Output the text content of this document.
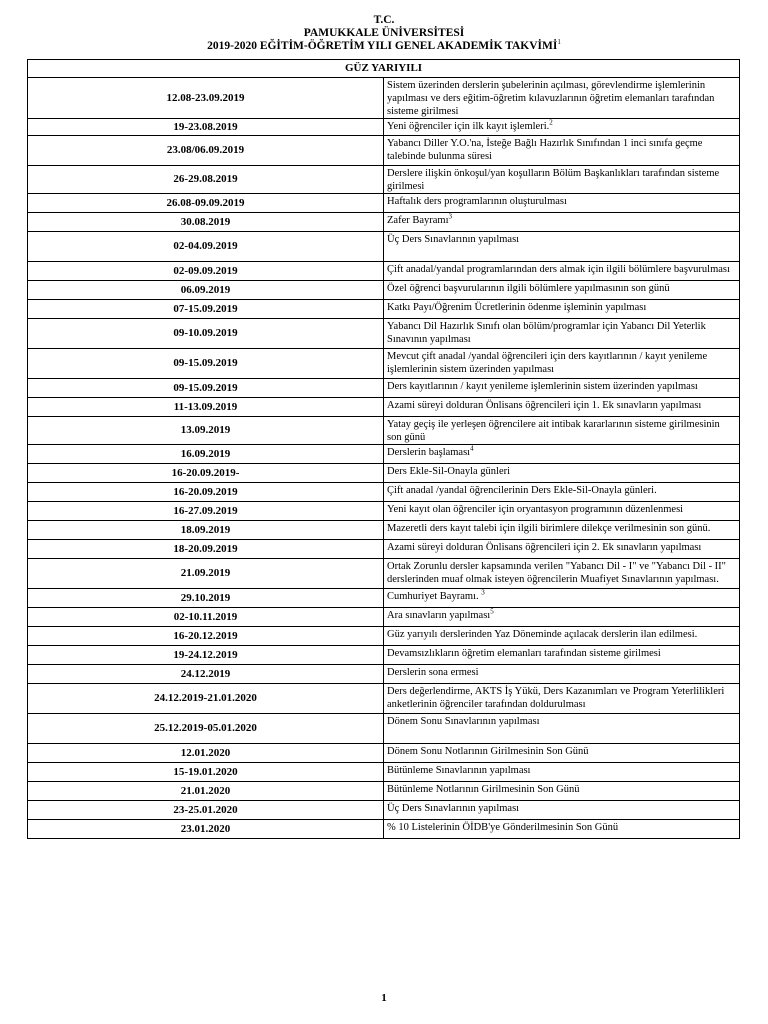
T.C.
PAMUKKALE ÜNİVERSİTESİ
2019-2020 EĞİTİM-ÖĞRETİM YILI GENEL AKADEMİK TAKVİMİ$^1$
GÜZ YARIYILI	
12.08-23.09.2019	Sistem üzerinden derslerin şubelerinin açılması, görevlendirme işlemlerinin yapılması ve ders eğitim-öğretim kılavuzlarının öğretim elemanları tarafından sisteme girilmesi
19-23.08.2019	Yeni öğrenciler için ilk kayıt işlemleri.$^2$
23.08/06.09.2019	Yabancı Diller Y.O.'na, İsteğe Bağlı Hazırlık Sınıfından 1 inci sınıfa geçme talebinde bulunma süresi
26-29.08.2019	Derslere ilişkin önkoşul/yan koşulların Bölüm Başkanlıkları tarafından sisteme girilmesi
26.08-09.09.2019	Haftalık ders programlarının oluşturulması
30.08.2019	Zafer Bayramı$^3$
02-04.09.2019	Üç Ders Sınavlarının yapılması
02-09.09.2019	Çift anadal/yandal programlarından ders almak için ilgili bölümlere başvurulması
06.09.2019	Özel öğrenci başvurularının ilgili bölümlere yapılmasının son günü
07-15.09.2019	Katkı Payı/Öğrenim Ücretlerinin ödenme işleminin yapılması
09-10.09.2019	Yabancı Dil Hazırlık Sınıfı olan bölüm/programlar için Yabancı Dil Yeterlik Sınavının yapılması
09-15.09.2019	Mevcut çift anadal /yandal öğrencileri için ders kayıtlarının / kayıt yenileme işlemlerinin sistem üzerinden yapılması
09-15.09.2019	Ders kayıtlarının / kayıt yenileme işlemlerinin sistem üzerinden yapılması
11-13.09.2019	Azami süreyi dolduran Önlisans öğrencileri için 1. Ek sınavların yapılması
13.09.2019	Yatay geçiş ile yerleşen öğrencilere ait intibak kararlarının sisteme girilmesinin son günü
16.09.2019	Derslerin başlaması$^4$
16-20.09.2019-	Ders Ekle-Sil-Onayla günleri
16-20.09.2019	Çift anadal /yandal öğrencilerinin Ders Ekle-Sil-Onayla günleri.
16-27.09.2019	Yeni kayıt olan öğrenciler için oryantasyon programının düzenlenmesi
18.09.2019	Mazeretli ders kayıt talebi için ilgili birimlere dilekçe verilmesinin son günü.
18-20.09.2019	Azami süreyi dolduran Önlisans öğrencileri için 2. Ek sınavların yapılması
21.09.2019	Ortak Zorunlu dersler kapsamında verilen "Yabancı Dil - I" ve "Yabancı Dil - II" derslerinden muaf olmak isteyen öğrencilerin Muafiyet Sınavlarının yapılması.
29.10.2019	Cumhuriyet Bayramı. $^3$
02-10.11.2019	Ara sınavların yapılması$^5$
16-20.12.2019	Güz yarıyılı derslerinden Yaz Döneminde açılacak derslerin ilan edilmesi.
19-24.12.2019	Devamsızlıkların öğretim elemanları tarafından sisteme girilmesi
24.12.2019	Derslerin sona ermesi
24.12.2019-21.01.2020	Ders değerlendirme, AKTS İş Yükü, Ders Kazanımları ve Program Yeterlilikleri anketlerinin öğrenciler tarafından doldurulması
25.12.2019-05.01.2020	Dönem Sonu Sınavlarının yapılması
12.01.2020	Dönem Sonu Notlarının Girilmesinin Son Günü
15-19.01.2020	Bütünleme Sınavlarının yapılması
21.01.2020	Bütünleme Notlarının Girilmesinin Son Günü
23-25.01.2020	Üç Ders Sınavlarının yapılması
23.01.2020	% 10 Listelerinin ÖİDB'ye Gönderilmesinin Son Günü
1
